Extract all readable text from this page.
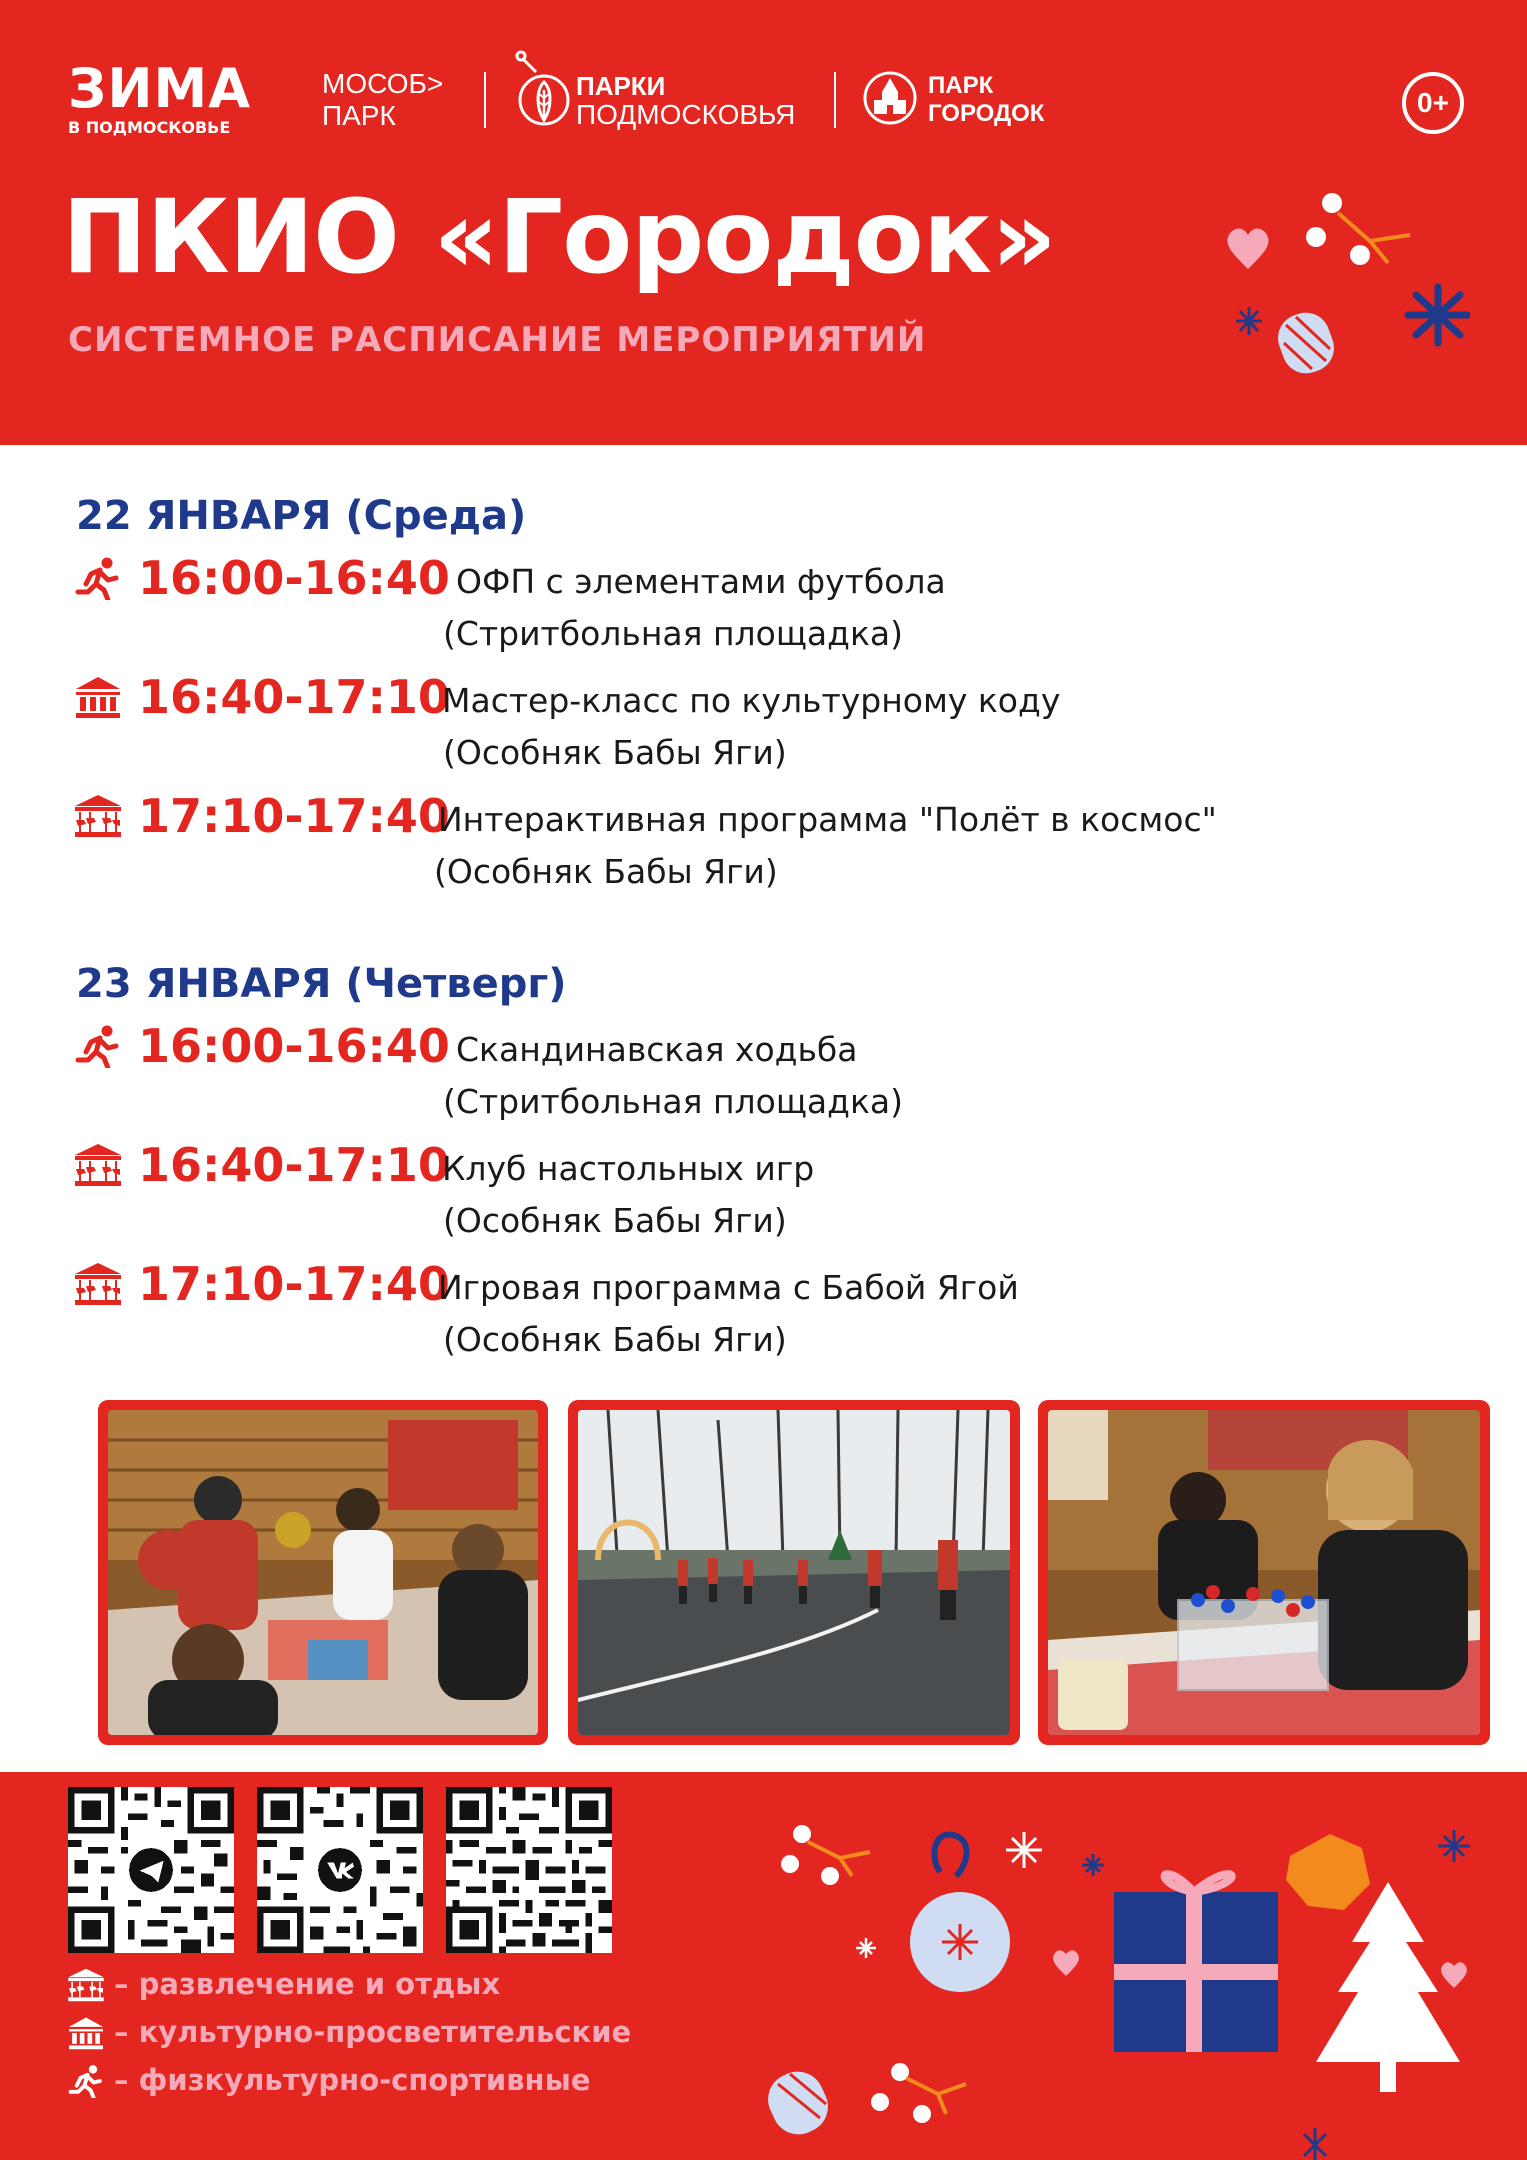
ЗИМА
В ПОДМОСКОВЬЕ
МОСОБ>
ПАРК
ПАРКИ
ПОДМОСКОВЬЯ
ПАРК
ГОРОДОК	0+
ПКИО «Городок»
СИСТЕМНОЕ РАСПИСАНИЕ МЕРОПРИЯТИЙ
22 ЯНВАРЯ (Среда)
16:00-16:40 ОФП с элементами футбола
(Стритбольная площадка)
16:40-17:10
Мастер-класс по культурному коду
(Особняк Бабы Яги)
17:10-17:40
Интерактивная программа "Полёт в космос"
(Особняк Бабы Яги)
23 ЯНВАРЯ (Четверг)
16:00-16:40 Скандинавская ходьба
(Стритбольная площадка)
16:40-17:10
Клуб настольных игр
(Особняк Бабы Яги)
17:10-17:40
Игровая программа с Бабой Ягой
(Особняк Бабы Яги)
– развлечение и отдых
– культурно-просветительские
– физкультурно-спортивные
